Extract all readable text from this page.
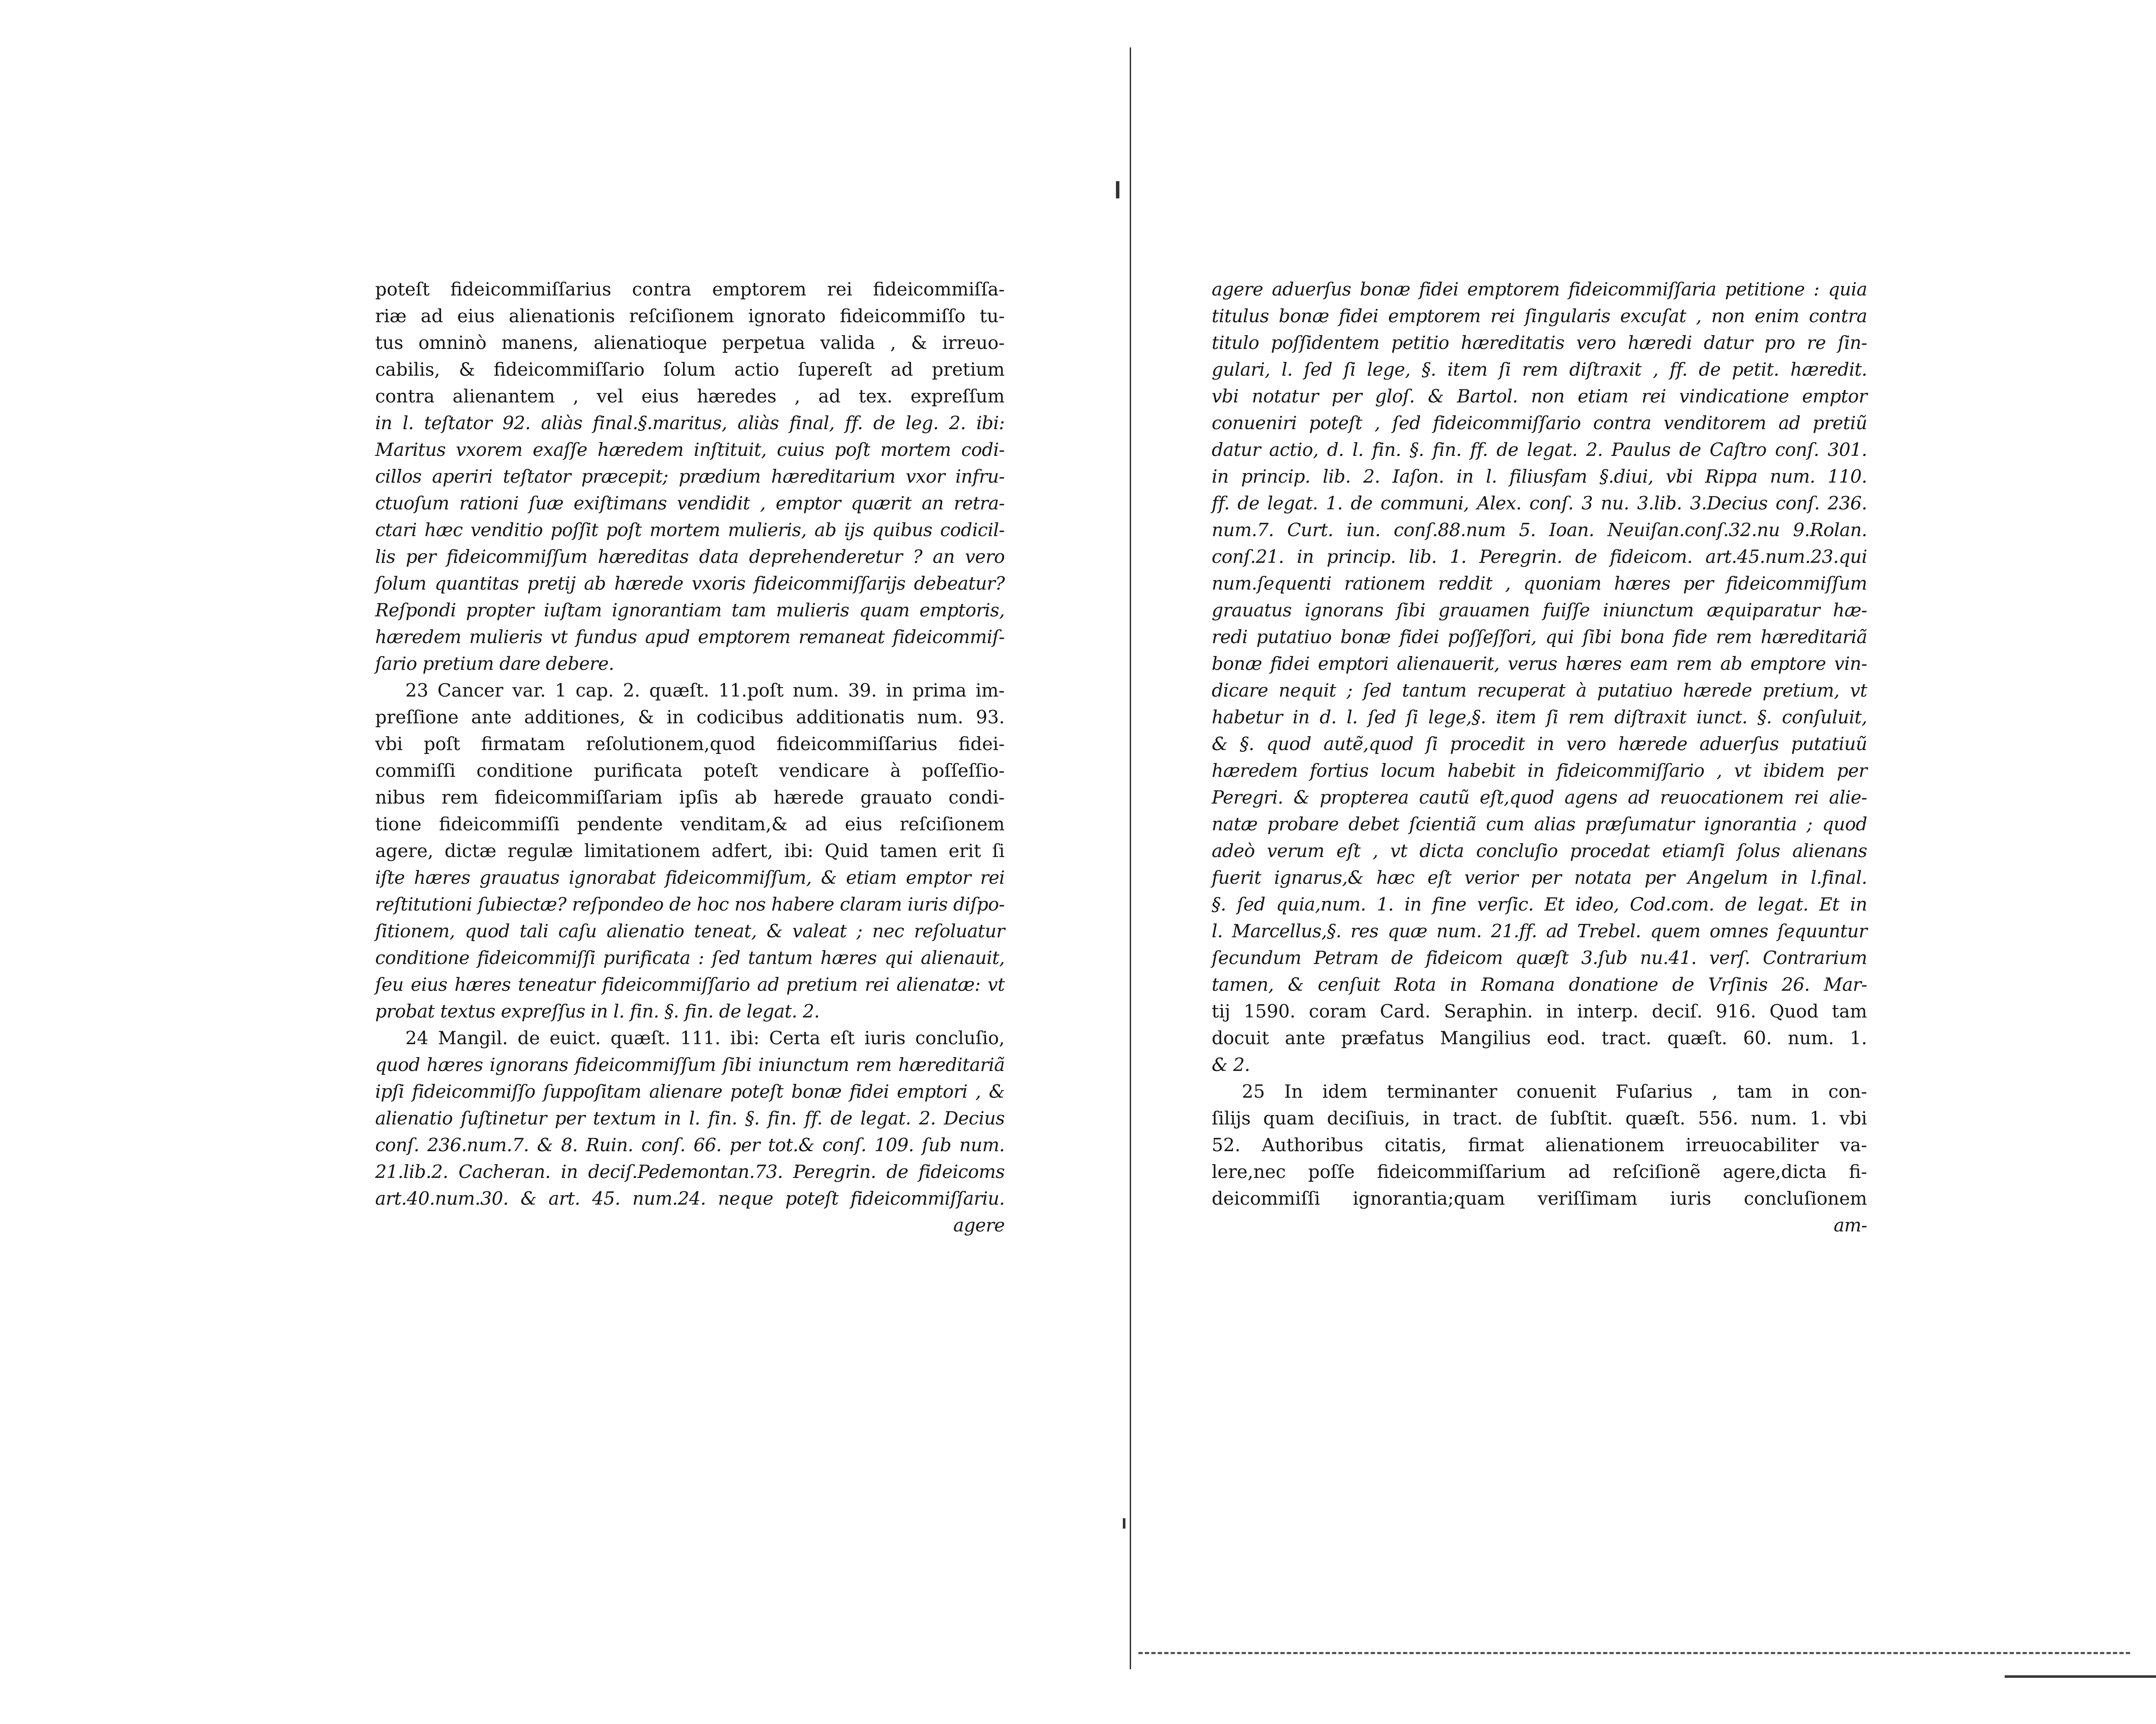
poteſt fideicommiſſarius contra emptorem rei fideicommiſſa-
riæ ad eius alienationis reſciſionem ignorato fideicommiſſo tu-
tus omninò manens, alienatioque perpetua valida , & irreuo-
cabilis, & fideicommiſſario ſolum actio ſupereſt ad pretium
contra alienantem , vel eius hæredes , ad tex. expreſſum
in l. teſtator 92. aliàs final.§.maritus, aliàs final, ff. de leg. 2. ibi:
Maritus vxorem exaſſe hæredem inſtituit, cuius poſt mortem codi-
cillos aperiri teſtator præcepit; prædium hæreditarium vxor infru-
ctuoſum rationi ſuæ exiſtimans vendidit , emptor quærit an retra-
ctari hæc venditio poſſit poſt mortem mulieris, ab ijs quibus codicil-
lis per fideicommiſſum hæreditas data deprehenderetur ? an vero
ſolum quantitas pretij ab hærede vxoris fideicommiſſarijs debeatur?
Reſpondi propter iuſtam ignorantiam tam mulieris quam emptoris,
hæredem mulieris vt fundus apud emptorem remaneat fideicommiſ-
ſario pretium dare debere.
23 Cancer var. 1 cap. 2. quæſt. 11.poſt num. 39. in prima im-
preſſione ante additiones, & in codicibus additionatis num. 93.
vbi poſt firmatam reſolutionem,quod fideicommiſſarius fidei-
commiſſi conditione purificata poteſt vendicare à poſſeſſio-
nibus rem fideicommiſſariam ipſis ab hærede grauato condi-
tione fideicommiſſi pendente venditam,& ad eius reſciſionem
agere, dictæ regulæ limitationem adfert, ibi: Quid tamen erit ſi
iſte hæres grauatus ignorabat fideicommiſſum, & etiam emptor rei
reſtitutioni ſubiectæ? reſpondeo de hoc nos habere claram iuris diſpo-
ſitionem, quod tali caſu alienatio teneat, & valeat ; nec reſoluatur
conditione fideicommiſſi purificata : ſed tantum hæres qui alienauit,
ſeu eius hæres teneatur fideicommiſſario ad pretium rei alienatæ: vt
probat textus expreſſus in l. fin. §. fin. de legat. 2.
24 Mangil. de euict. quæſt. 111. ibi: Certa eſt iuris concluſio,
quod hæres ignorans fideicommiſſum ſibi iniunctum rem hæreditariã
ipſi fideicommiſſo ſuppoſitam alienare poteſt bonæ fidei emptori , &
alienatio ſuſtinetur per textum in l. fin. §. fin. ff. de legat. 2. Decius
conſ. 236.num.7. & 8. Ruin. conſ. 66. per tot.& conſ. 109. ſub num.
21.lib.2. Cacheran. in deciſ.Pedemontan.73. Peregrin. de fideicoms
art.40.num.30. & art. 45. num.24. neque poteſt fideicommiſſariu.
agere
agere aduerſus bonæ fidei emptorem fideicommiſſaria petitione : quia
titulus bonæ fidei emptorem rei ſingularis excuſat , non enim contra
titulo poſſidentem petitio hæreditatis vero hæredi datur pro re ſin-
gulari, l. ſed ſi lege, §. item ſi rem diſtraxit , ff. de petit. hæredit.
vbi notatur per gloſ. & Bartol. non etiam rei vindicatione emptor
conueniri poteſt , ſed fideicommiſſario contra venditorem ad pretiũ
datur actio, d. l. fin. §. fin. ff. de legat. 2. Paulus de Caſtro conſ. 301.
in princip. lib. 2. Iaſon. in l. filiusfam §.diui, vbi Rippa num. 110.
ff. de legat. 1. de communi, Alex. conſ. 3 nu. 3.lib. 3.Decius conſ. 236.
num.7. Curt. iun. conſ.88.num 5. Ioan. Neuiſan.conſ.32.nu 9.Rolan.
conſ.21. in princip. lib. 1. Peregrin. de fideicom. art.45.num.23.qui
num.ſequenti rationem reddit , quoniam hæres per fideicommiſſum
grauatus ignorans ſibi grauamen fuiſſe iniunctum æquiparatur hæ-
redi putatiuo bonæ fidei poſſeſſori, qui ſibi bona fide rem hæreditariã
bonæ fidei emptori alienauerit, verus hæres eam rem ab emptore vin-
dicare nequit ; ſed tantum recuperat à putatiuo hærede pretium, vt
habetur in d. l. ſed ſi lege,§. item ſi rem diſtraxit iunct. §. conſuluit,
& §. quod autẽ,quod ſi procedit in vero hærede aduerſus putatiuũ
hæredem fortius locum habebit in fideicommiſſario , vt ibidem per
Peregri. & propterea cautũ eſt,quod agens ad reuocationem rei alie-
natæ probare debet ſcientiã cum alias præſumatur ignorantia ; quod
adeò verum eſt , vt dicta concluſio procedat etiamſi ſolus alienans
fuerit ignarus,& hæc eſt verior per notata per Angelum in l.final.
§. ſed quia,num. 1. in fine verſic. Et ideo, Cod.com. de legat. Et in
l. Marcellus,§. res quæ num. 21.ff. ad Trebel. quem omnes ſequuntur
ſecundum Petram de fideicom quæſt 3.ſub nu.41. verſ. Contrarium
tamen, & cenſuit Rota in Romana donatione de Vrſinis 26. Mar-
tij 1590. coram Card. Seraphin. in interp. deciſ. 916. Quod tam
docuit ante præfatus Mangilius eod. tract. quæſt. 60. num. 1.
& 2.
25 In idem terminanter conuenit Fuſarius , tam in con-
ſilijs quam deciſiuis, in tract. de ſubſtit. quæſt. 556. num. 1. vbi
52. Authoribus citatis, firmat alienationem irreuocabiliter va-
lere,nec poſſe fideicommiſſarium ad reſciſionẽ agere,dicta fi-
deicommiſſi ignorantia;quam veriſſimam iuris concluſionem
am-
